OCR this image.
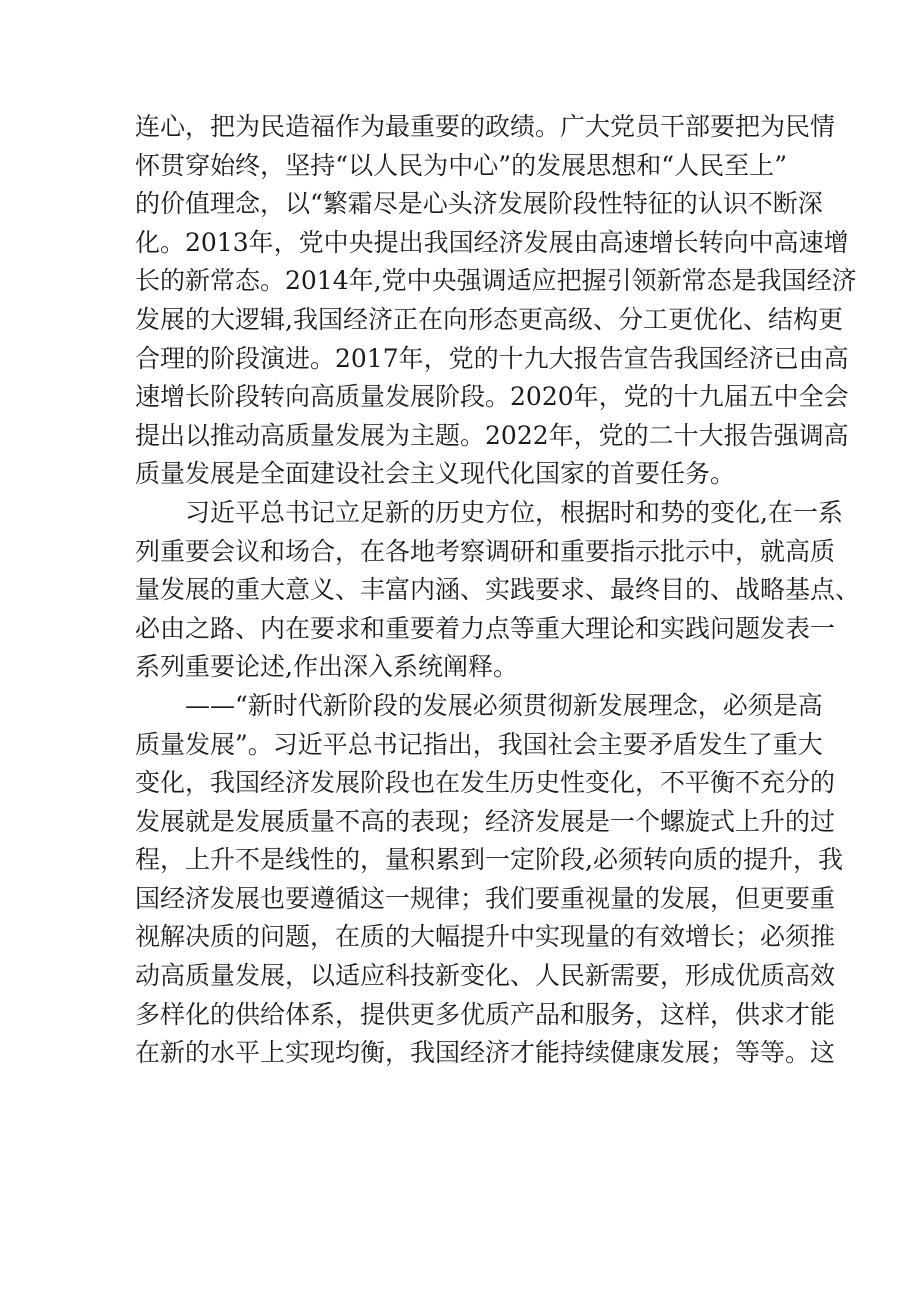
连心，把为民造福作为最重要的政绩。广大党员干部要把为民情
怀贯穿始终，坚持“以人民为中心”的发展思想和“人民至上”
的价值理念，以“繁霜尽是心头济发展阶段性特征的认识不断深
化。2013年，党中央提出我国经济发展由高速增长转向中高速增
长的新常态。2014年,党中央强调适应把握引领新常态是我国经济
发展的大逻辑,我国经济正在向形态更高级、分工更优化、结构更
合理的阶段演进。2017年，党的十九大报告宣告我国经济已由高
速增长阶段转向高质量发展阶段。2020年，党的十九届五中全会
提出以推动高质量发展为主题。2022年，党的二十大报告强调高
质量发展是全面建设社会主义现代化国家的首要任务。
习近平总书记立足新的历史方位，根据时和势的变化,在一系
列重要会议和场合，在各地考察调研和重要指示批示中，就高质
量发展的重大意义、丰富内涵、实践要求、最终目的、战略基点、
必由之路、内在要求和重要着力点等重大理论和实践问题发表一
系列重要论述,作出深入系统阐释。
——“新时代新阶段的发展必须贯彻新发展理念，必须是高
质量发展”。习近平总书记指出，我国社会主要矛盾发生了重大
变化，我国经济发展阶段也在发生历史性变化，不平衡不充分的
发展就是发展质量不高的表现；经济发展是一个螺旋式上升的过
程，上升不是线性的，量积累到一定阶段,必须转向质的提升，我
国经济发展也要遵循这一规律；我们要重视量的发展，但更要重
视解决质的问题，在质的大幅提升中实现量的有效增长；必须推
动高质量发展，以适应科技新变化、人民新需要，形成优质高效
多样化的供给体系，提供更多优质产品和服务，这样，供求才能
在新的水平上实现均衡，我国经济才能持续健康发展；等等。这
